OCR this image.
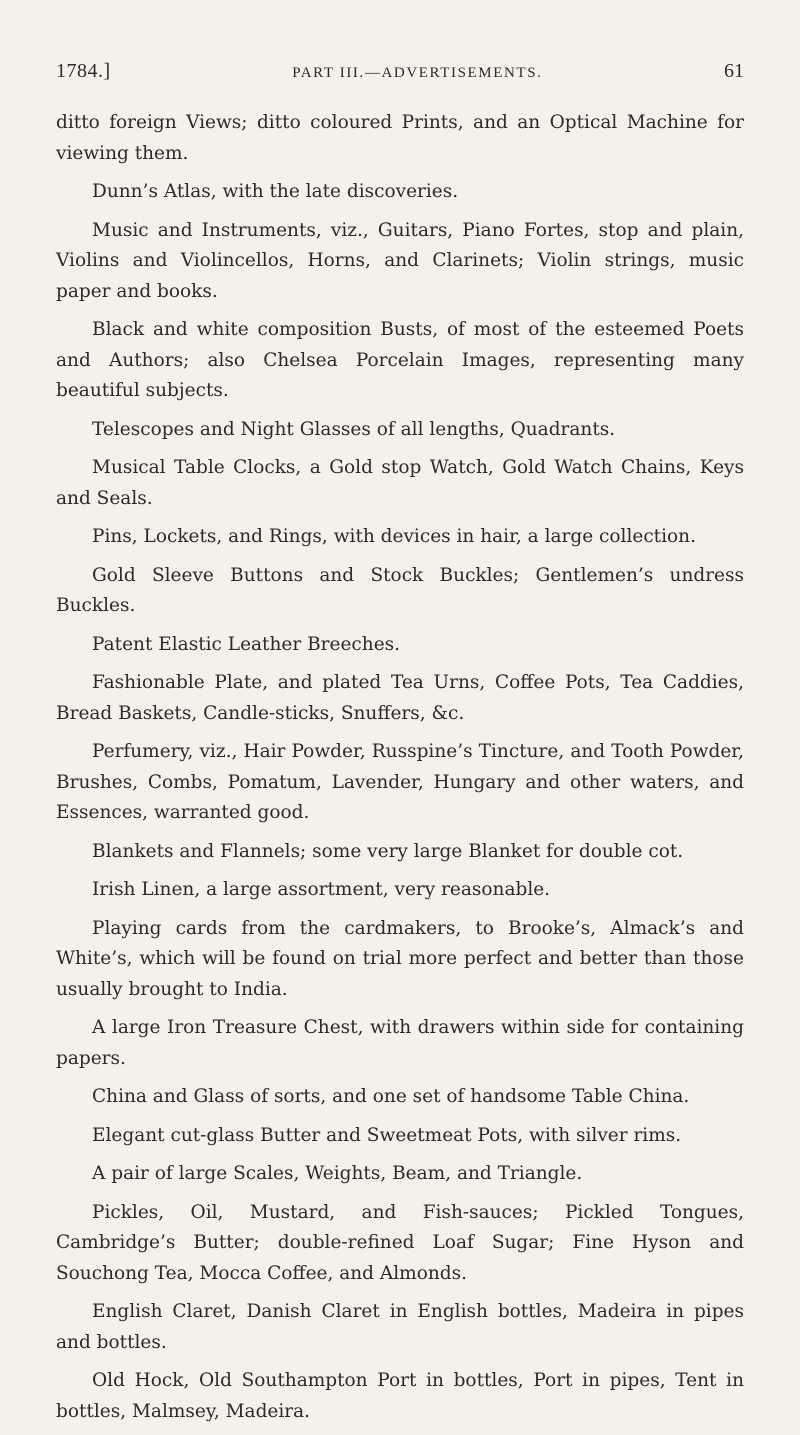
1784.]	PART III.—ADVERTISEMENTS.	61

ditto foreign Views; ditto coloured Prints, and an Optical Machine for viewing them.

Dunn’s Atlas, with the late discoveries.

Music and Instruments, viz., Guitars, Piano Fortes, stop and plain, Violins and Violincellos, Horns, and Clarinets; Violin strings, music paper and books.

Black and white composition Busts, of most of the esteemed Poets and Authors; also Chelsea Porcelain Images, representing many beautiful subjects.

Telescopes and Night Glasses of all lengths, Quadrants.

Musical Table Clocks, a Gold stop Watch, Gold Watch Chains, Keys and Seals.

Pins, Lockets, and Rings, with devices in hair, a large collection.

Gold Sleeve Buttons and Stock Buckles; Gentlemen’s undress Buckles.

Patent Elastic Leather Breeches.

Fashionable Plate, and plated Tea Urns, Coffee Pots, Tea Caddies, Bread Baskets, Candle-sticks, Snuffers, &c.

Perfumery, viz., Hair Powder, Russpine’s Tincture, and Tooth Powder, Brushes, Combs, Pomatum, Lavender, Hungary and other waters, and Essences, warranted good.

Blankets and Flannels; some very large Blanket for double cot.

Irish Linen, a large assortment, very reasonable.

Playing cards from the cardmakers, to Brooke’s, Almack’s and White’s, which will be found on trial more perfect and better than those usually brought to India.

A large Iron Treasure Chest, with drawers within side for containing papers.

China and Glass of sorts, and one set of handsome Table China.

Elegant cut-glass Butter and Sweetmeat Pots, with silver rims.

A pair of large Scales, Weights, Beam, and Triangle.

Pickles, Oil, Mustard, and Fish-sauces; Pickled Tongues, Cambridge’s Butter; double-refined Loaf Sugar; Fine Hyson and Souchong Tea, Mocca Coffee, and Almonds.

English Claret, Danish Claret in English bottles, Madeira in pipes and bottles.

Old Hock, Old Southampton Port in bottles, Port in pipes, Tent in bottles, Malmsey, Madeira.
